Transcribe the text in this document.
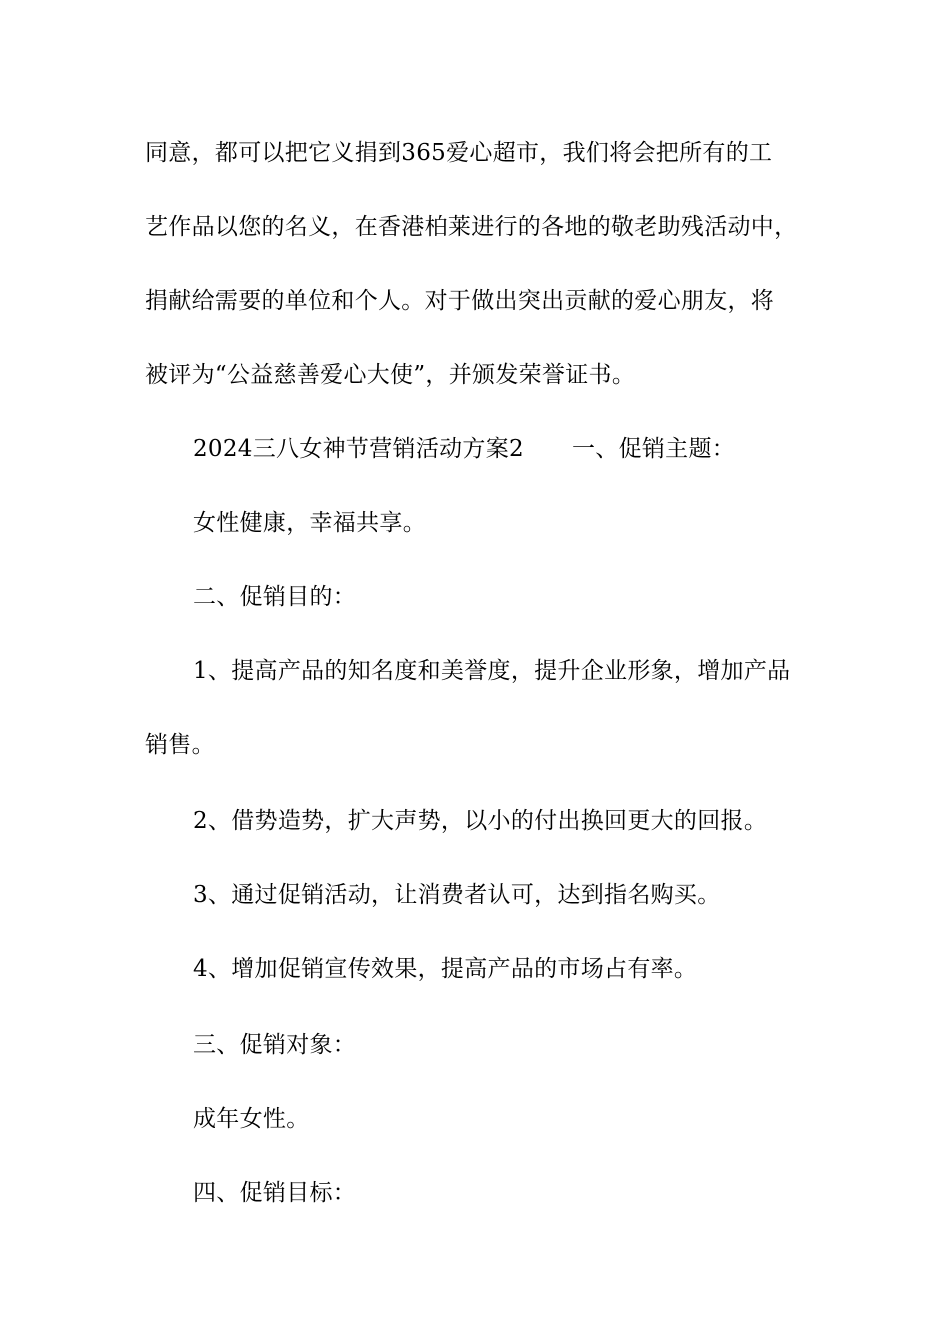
同意，都可以把它义捐到365爱心超市，我们将会把所有的工
艺作品以您的名义，在香港柏莱进行的各地的敬老助残活动中，
捐献给需要的单位和个人。对于做出突出贡献的爱心朋友，将
被评为“公益慈善爱心大使”，并颁发荣誉证书。
2024三八女神节营销活动方案2 一、促销主题：
女性健康，幸福共享。
二、促销目的：
1、提高产品的知名度和美誉度，提升企业形象，增加产品
销售。
2、借势造势，扩大声势，以小的付出换回更大的回报。
3、通过促销活动，让消费者认可，达到指名购买。
4、增加促销宣传效果，提高产品的市场占有率。
三、促销对象：
成年女性。
四、促销目标：
